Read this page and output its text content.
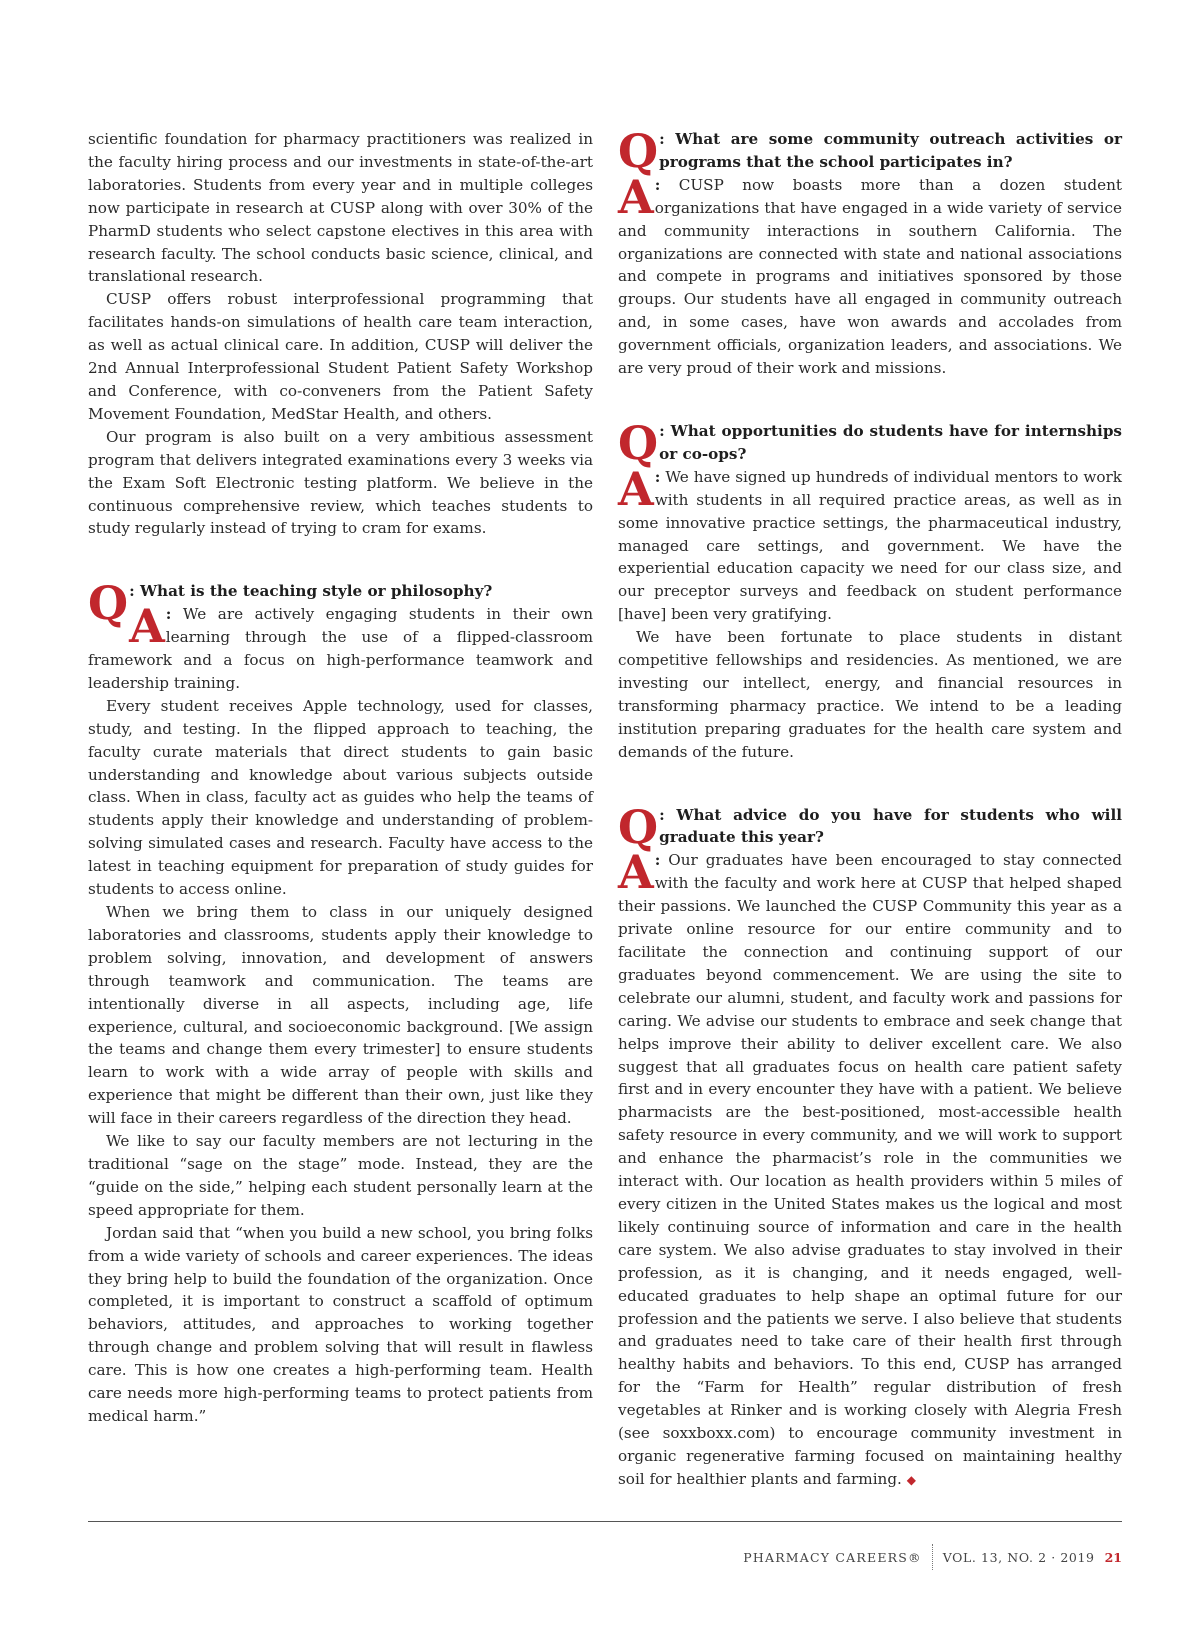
scientific foundation for pharmacy practitioners was realized in the faculty hiring process and our investments in state-of-the-art laboratories. Students from every year and in multiple colleges now participate in research at CUSP along with over 30% of the PharmD students who select capstone electives in this area with research faculty. The school conducts basic science, clinical, and translational research.

CUSP offers robust interprofessional programming that facilitates hands-on simulations of health care team interaction, as well as actual clinical care. In addition, CUSP will deliver the 2nd Annual Interprofessional Student Patient Safety Workshop and Conference, with co-conveners from the Patient Safety Movement Foundation, MedStar Health, and others.

Our program is also built on a very ambitious assessment program that delivers integrated examinations every 3 weeks via the Exam Soft Electronic testing platform. We believe in the continuous comprehensive review, which teaches students to study regularly instead of trying to cram for exams.

Q : What is the teaching style or philosophy?

A : We are actively engaging students in their own learning through the use of a flipped-classroom framework and a focus on high-performance teamwork and leadership training.

Every student receives Apple technology, used for classes, study, and testing. In the flipped approach to teaching, the faculty curate materials that direct students to gain basic understanding and knowledge about various subjects outside class. When in class, faculty act as guides who help the teams of students apply their knowledge and understanding of problem-solving simulated cases and research. Faculty have access to the latest in teaching equipment for preparation of study guides for students to access online.

When we bring them to class in our uniquely designed laboratories and classrooms, students apply their knowledge to problem solving, innovation, and development of answers through teamwork and communication. The teams are intentionally diverse in all aspects, including age, life experience, cultural, and socioeconomic background. [We assign the teams and change them every trimester] to ensure students learn to work with a wide array of people with skills and experience that might be different than their own, just like they will face in their careers regardless of the direction they head.

We like to say our faculty members are not lecturing in the traditional “sage on the stage” mode. Instead, they are the “guide on the side,” helping each student personally learn at the speed appropriate for them.

Jordan said that “when you build a new school, you bring folks from a wide variety of schools and career experiences. The ideas they bring help to build the foundation of the organization. Once completed, it is important to construct a scaffold of optimum behaviors, attitudes, and approaches to working together through change and problem solving that will result in flawless care. This is how one creates a high-performing team. Health care needs more high-performing teams to protect patients from medical harm.”

Q : What are some community outreach activities or programs that the school participates in?

A : CUSP now boasts more than a dozen student organizations that have engaged in a wide variety of service and community interactions in southern California. The organizations are connected with state and national associations and compete in programs and initiatives sponsored by those groups. Our students have all engaged in community outreach and, in some cases, have won awards and accolades from government officials, organization leaders, and associations. We are very proud of their work and missions.

Q : What opportunities do students have for internships or co-ops?

A : We have signed up hundreds of individual mentors to work with students in all required practice areas, as well as in some innovative practice settings, the pharmaceutical industry, managed care settings, and government. We have the experiential education capacity we need for our class size, and our preceptor surveys and feedback on student performance [have] been very gratifying.

We have been fortunate to place students in distant competitive fellowships and residencies. As mentioned, we are investing our intellect, energy, and financial resources in transforming pharmacy practice. We intend to be a leading institution preparing graduates for the health care system and demands of the future.

Q : What advice do you have for students who will graduate this year?

A : Our graduates have been encouraged to stay connected with the faculty and work here at CUSP that helped shaped their passions. We launched the CUSP Community this year as a private online resource for our entire community and to facilitate the connection and continuing support of our graduates beyond commencement. We are using the site to celebrate our alumni, student, and faculty work and passions for caring. We advise our students to embrace and seek change that helps improve their ability to deliver excellent care. We also suggest that all graduates focus on health care patient safety first and in every encounter they have with a patient. We believe pharmacists are the best-positioned, most-accessible health safety resource in every community, and we will work to support and enhance the pharmacist’s role in the communities we interact with. Our location as health providers within 5 miles of every citizen in the United States makes us the logical and most likely continuing source of information and care in the health care system. We also advise graduates to stay involved in their profession, as it is changing, and it needs engaged, well-educated graduates to help shape an optimal future for our profession and the patients we serve. I also believe that students and graduates need to take care of their health first through healthy habits and behaviors. To this end, CUSP has arranged for the “Farm for Health” regular distribution of fresh vegetables at Rinker and is working closely with Alegria Fresh (see soxxboxx.com) to encourage community investment in organic regenerative farming focused on maintaining healthy soil for healthier plants and farming. ◆

PHARMACY CAREERS® VOL. 13, NO. 2 · 2019 21
